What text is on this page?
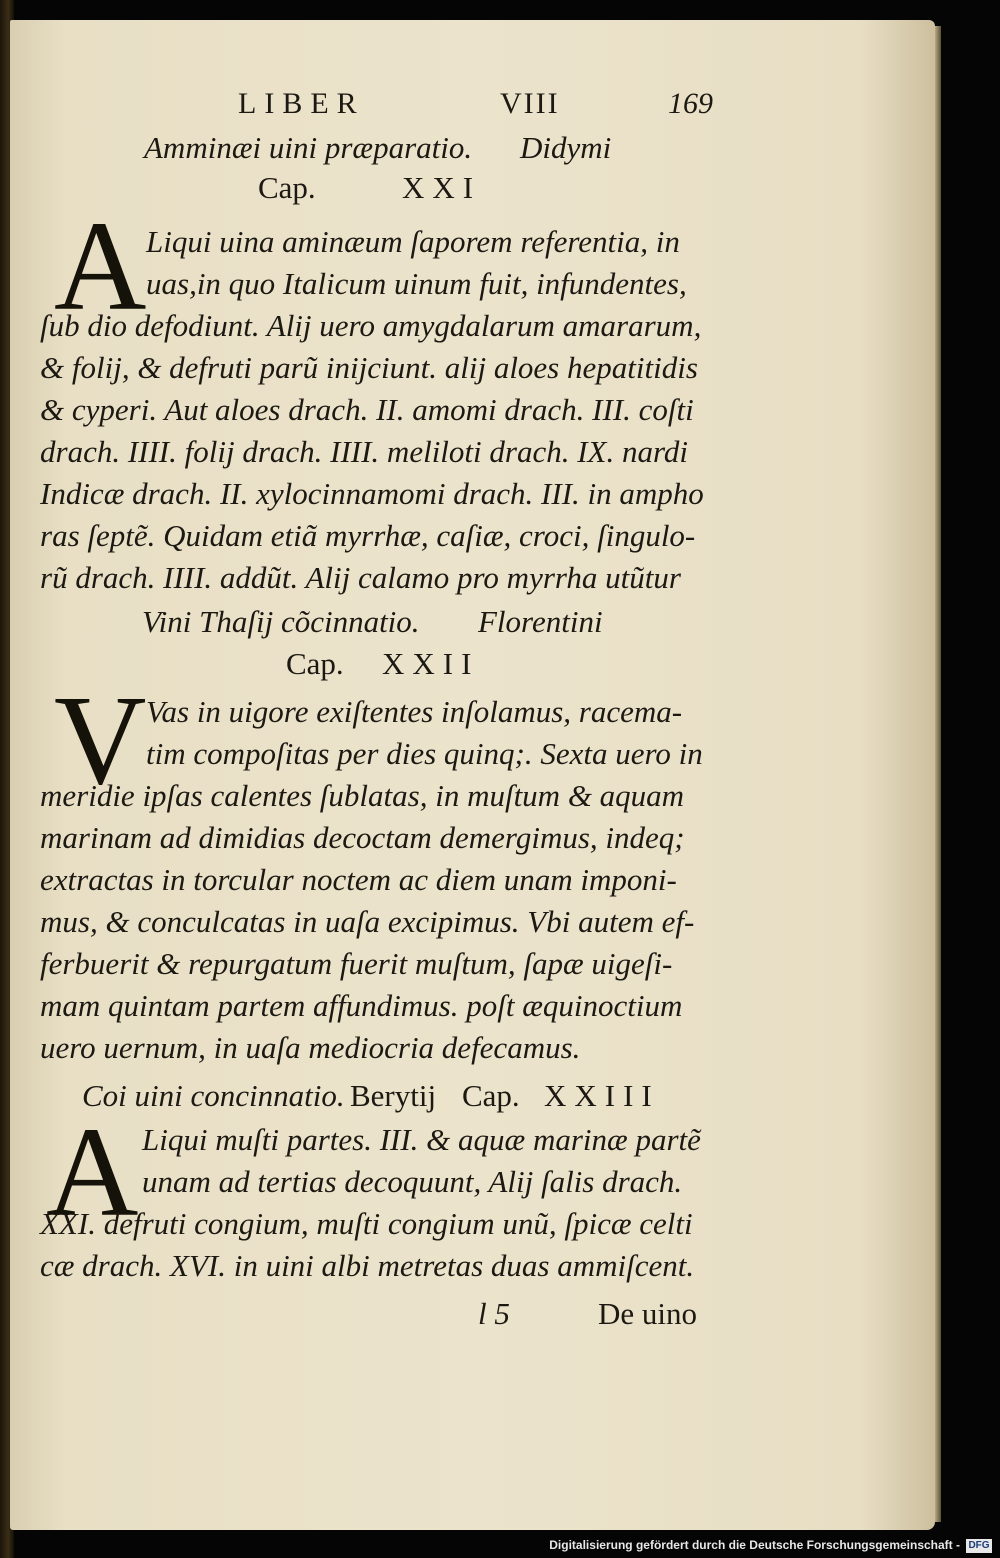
LIBER	VIII	169
Amminæi uini præparatio. Didymi
Cap.	XXI
A Liqui uina aminæum ſaporem referentia, in
uas,in quo Italicum uinum fuit, infundentes,
ſub dio defodiunt. Alij uero amygdalarum amararum,
& folij, & defruti parũ inijciunt. alij aloes hepatitidis
& cyperi. Aut aloes drach. II. amomi drach. III. coſti
drach. IIII. folij drach. IIII. meliloti drach. IX. nardi
Indicæ drach. II. xylocinnamomi drach. III. in ampho
ras ſeptẽ. Quidam etiã myrrhæ, caſiæ, croci, ſingulo-
rũ drach. IIII. addũt. Alij calamo pro myrrha utũtur
Vini Thaſij cõcinnatio. Florentini
Cap. XXII
V Vas in uigore exiſtentes inſolamus, racema-
tim compoſitas per dies quinq;. Sexta uero in
meridie ipſas calentes ſublatas, in muſtum & aquam
marinam ad dimidias decoctam demergimus, indeq;
extractas in torcular noctem ac diem unam imponi-
mus, & conculcatas in uaſa excipimus. Vbi autem ef-
ferbuerit & repurgatum fuerit muſtum, ſapæ uigeſi-
mam quintam partem affundimus. poſt æquinoctium
uero uernum, in uaſa mediocria defecamus.
Coi uini concinnatio. Berytij Cap. XXIII
A Liqui muſti partes. III. & aquæ marinæ partẽ
unam ad tertias decoquunt, Alij ſalis drach.
XXI. defruti congium, muſti congium unũ, ſpicæ celti
cæ drach. XVI. in uini albi metretas duas ammiſcent.
l 5	De uino
Digitalisierung gefördert durch die Deutsche Forschungsgemeinschaft - DFG
